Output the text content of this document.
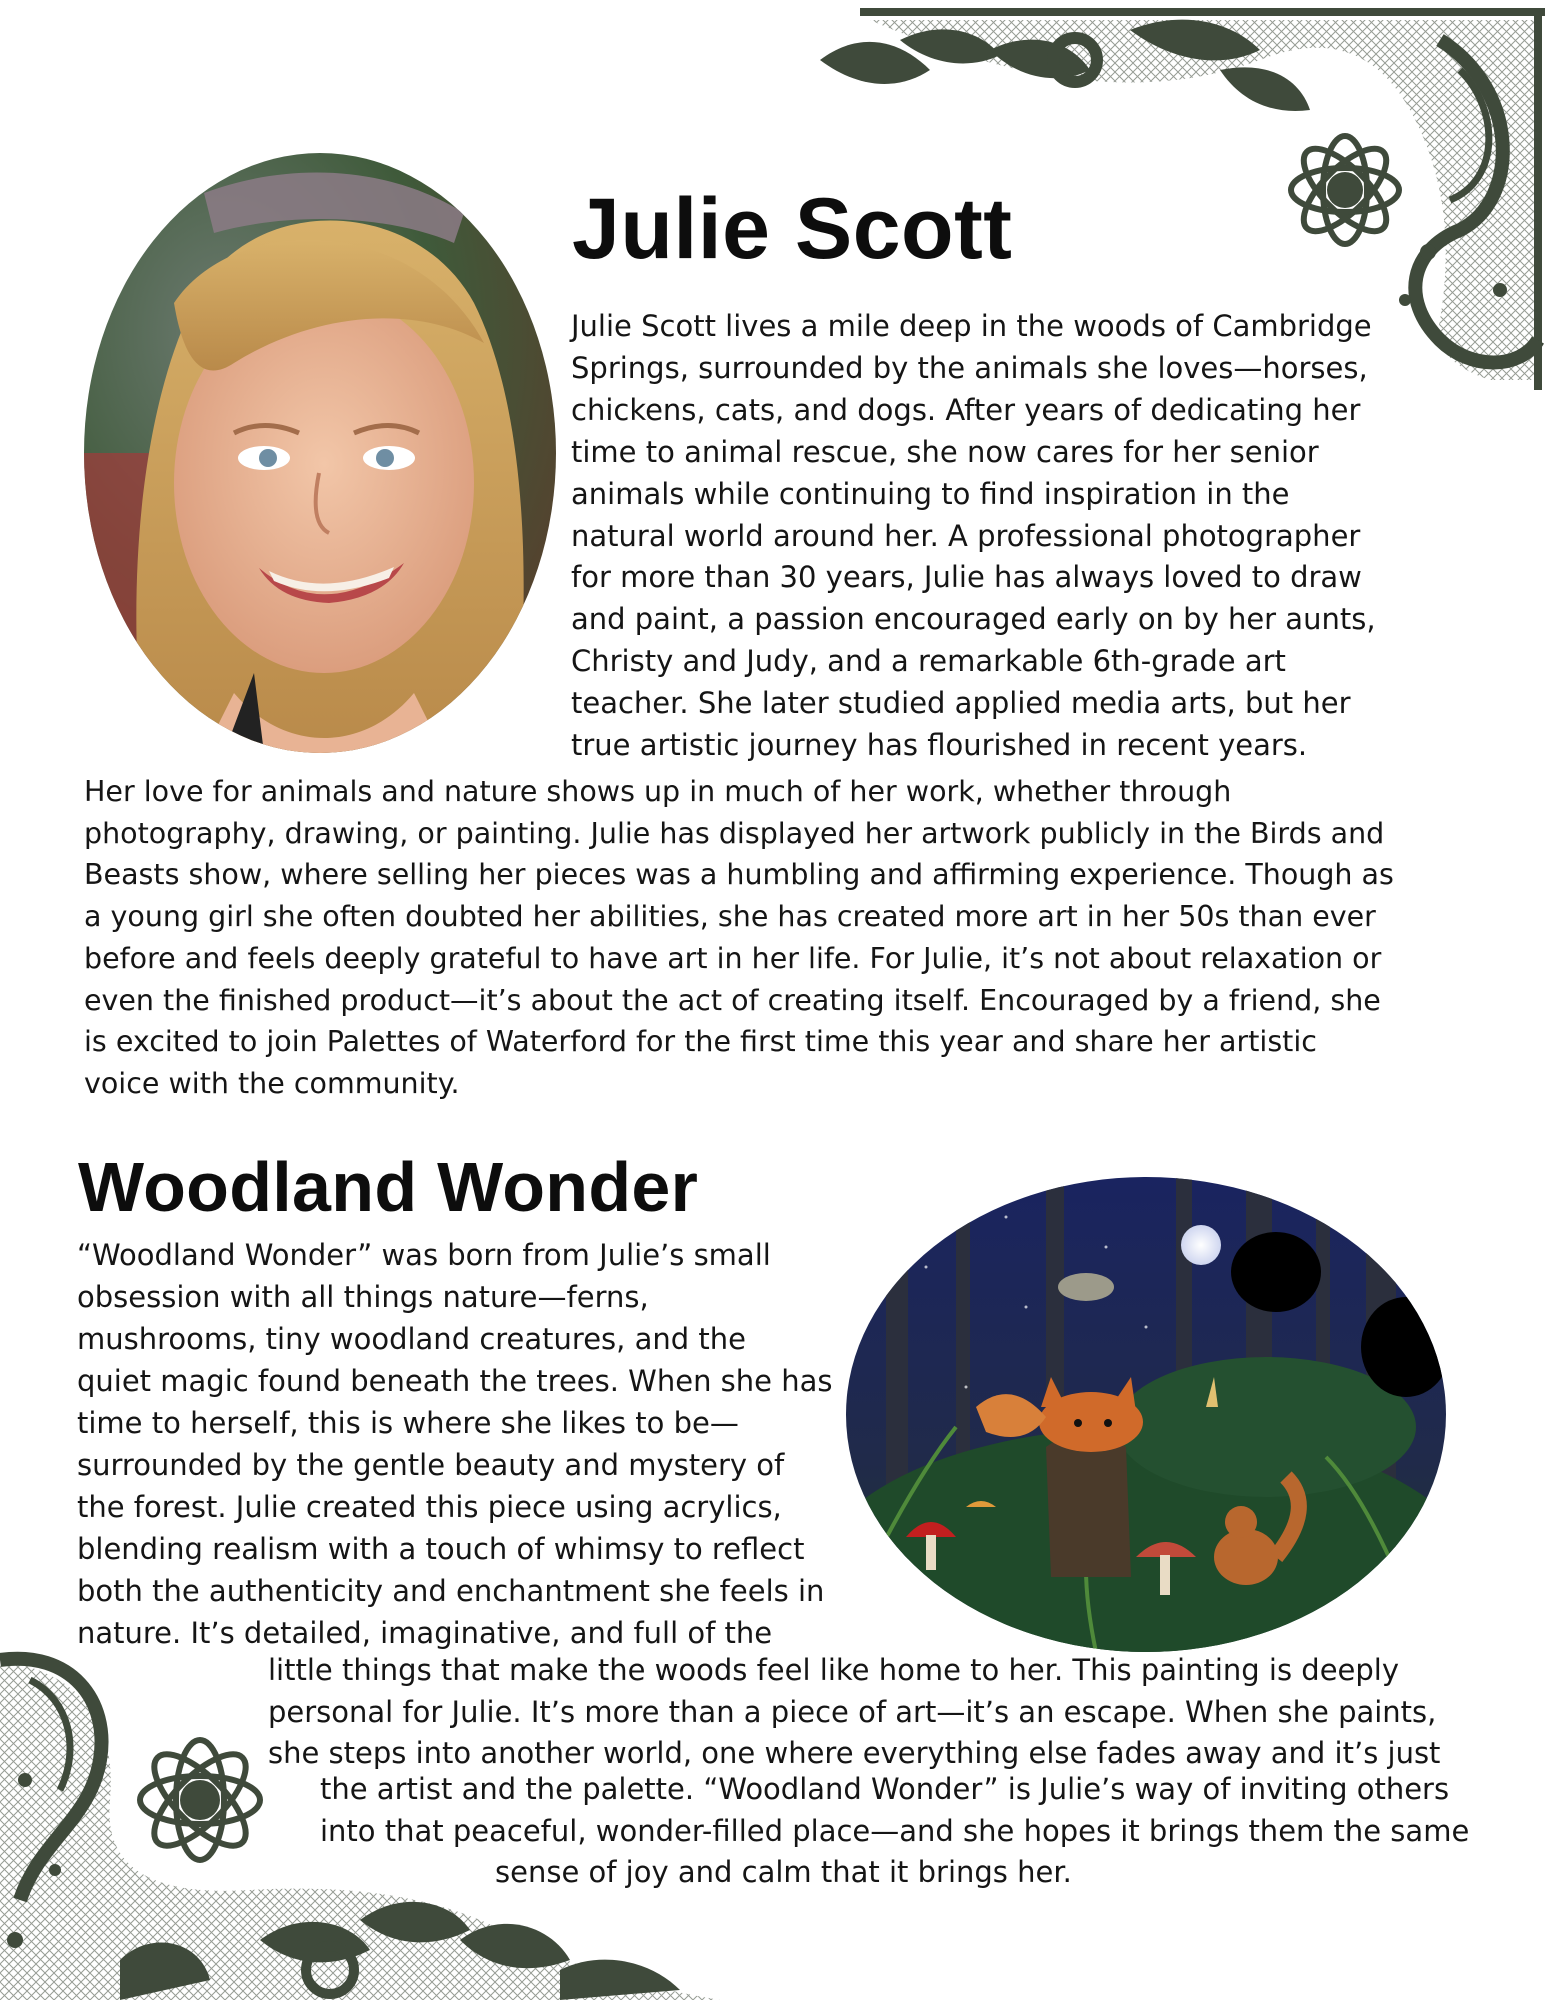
Julie Scott

Julie Scott lives a mile deep in the woods of Cambridge

Springs, surrounded by the animals she loves—horses,

chickens, cats, and dogs. After years of dedicating her

time to animal rescue, she now cares for her senior

animals while continuing to find inspiration in the

natural world around her. A professional photographer

for more than 30 years, Julie has always loved to draw

and paint, a passion encouraged early on by her aunts,

Christy and Judy, and a remarkable 6th-grade art

teacher. She later studied applied media arts, but her

true artistic journey has flourished in recent years.

Her love for animals and nature shows up in much of her work, whether through

photography, drawing, or painting. Julie has displayed her artwork publicly in the Birds and

Beasts show, where selling her pieces was a humbling and affirming experience. Though as

a young girl she often doubted her abilities, she has created more art in her 50s than ever

before and feels deeply grateful to have art in her life. For Julie, it’s not about relaxation or

even the finished product—it’s about the act of creating itself. Encouraged by a friend, she

is excited to join Palettes of Waterford for the first time this year and share her artistic

voice with the community.

Woodland Wonder

“Woodland Wonder” was born from Julie’s small

obsession with all things nature—ferns,

mushrooms, tiny woodland creatures, and the

quiet magic found beneath the trees. When she has

time to herself, this is where she likes to be—

surrounded by the gentle beauty and mystery of

the forest. Julie created this piece using acrylics,

blending realism with a touch of whimsy to reflect

both the authenticity and enchantment she feels in

nature. It’s detailed, imaginative, and full of the

little things that make the woods feel like home to her. This painting is deeply

personal for Julie. It’s more than a piece of art—it’s an escape. When she paints,

she steps into another world, one where everything else fades away and it’s just

the artist and the palette. “Woodland Wonder” is Julie’s way of inviting others

into that peaceful, wonder-filled place—and she hopes it brings them the same

sense of joy and calm that it brings her.
